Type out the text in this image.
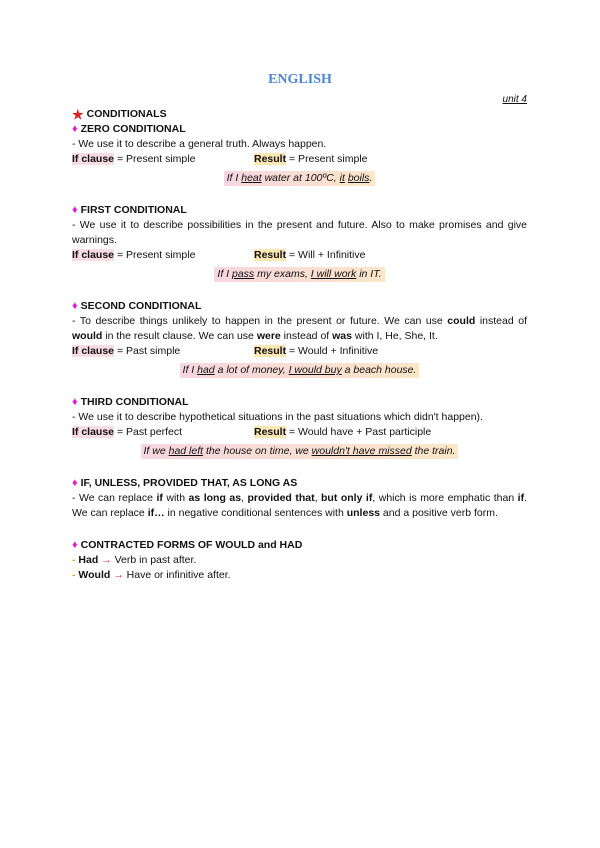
ENGLISH
unit 4
★ CONDITIONALS
♦ ZERO CONDITIONAL
- We use it to describe a general truth. Always happen.
If clause = Present simple	Result = Present simple
If I heat water at 100ºC, it boils.
♦ FIRST CONDITIONAL
- We use it to describe possibilities in the present and future. Also to make promises and give warnings.
If clause = Present simple	Result = Will + Infinitive
If I pass my exams, I will work in IT.
♦ SECOND CONDITIONAL
- To describe things unlikely to happen in the present or future. We can use could instead of would in the result clause. We can use were instead of was with I, He, She, It.
If clause = Past simple	Result = Would + Infinitive
If I had a lot of money, I would buy a beach house.
♦ THIRD CONDITIONAL
- We use it to describe hypothetical situations in the past situations which didn't happen).
If clause = Past perfect	Result = Would have + Past participle
If we had left the house on time, we wouldn't have missed the train.
♦ IF, UNLESS, PROVIDED THAT, AS LONG AS
- We can replace if with as long as, provided that, but only if, which is more emphatic than if. We can replace if… in negative conditional sentences with unless and a positive verb form.
♦ CONTRACTED FORMS OF WOULD and HAD
- Had → Verb in past after.
- Would → Have or infinitive after.
